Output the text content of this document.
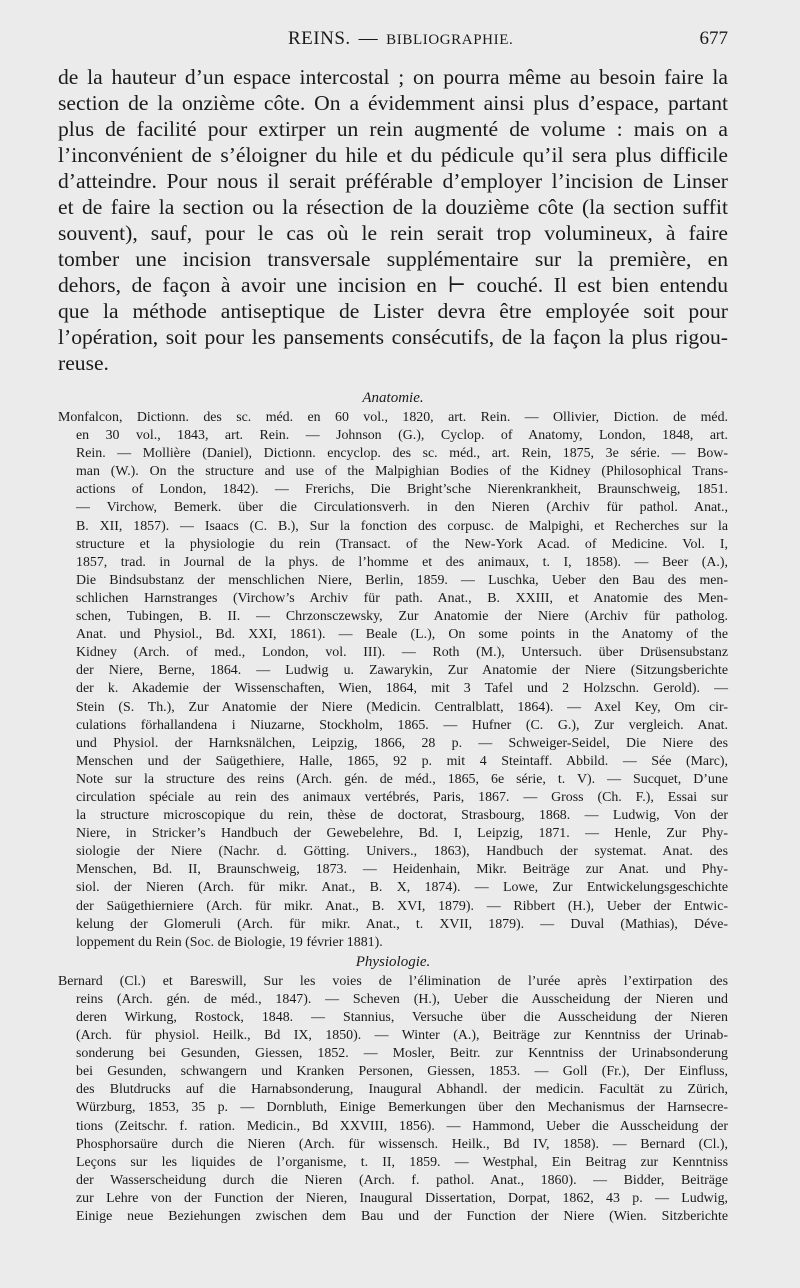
REINS. — BIBLIOGRAPHIE.	677
de la hauteur d’un espace intercostal ; on pourra même au besoin faire la
section de la onzième côte. On a évidemment ainsi plus d’espace, partant
plus de facilité pour extirper un rein augmenté de volume : mais on a
l’inconvénient de s’éloigner du hile et du pédicule qu’il sera plus difficile
d’atteindre. Pour nous il serait préférable d’employer l’incision de Linser
et de faire la section ou la résection de la douzième côte (la section suffit
souvent), sauf, pour le cas où le rein serait trop volumineux, à faire
tomber une incision transversale supplémentaire sur la première, en
dehors, de façon à avoir une incision en ⊢ couché. Il est bien entendu
que la méthode antiseptique de Lister devra être employée soit pour
l’opération, soit pour les pansements consécutifs, de la façon la plus rigou-
reuse.
Anatomie.
Monfalcon, Dictionn. des sc. méd. en 60 vol., 1820, art. Rein. — Ollivier, Diction. de méd.
en 30 vol., 1843, art. Rein. — Johnson (G.), Cyclop. of Anatomy, London, 1848, art.
Rein. — Mollière (Daniel), Dictionn. encyclop. des sc. méd., art. Rein, 1875, 3e série. — Bow-
man (W.). On the structure and use of the Malpighian Bodies of the Kidney (Philosophical Trans-
actions of London, 1842). — Frerichs, Die Bright’sche Nierenkrankheit, Braunschweig, 1851.
— Virchow, Bemerk. über die Circulationsverh. in den Nieren (Archiv für pathol. Anat.,
B. XII, 1857). — Isaacs (C. B.), Sur la fonction des corpusc. de Malpighi, et Recherches sur la
structure et la physiologie du rein (Transact. of the New-York Acad. of Medicine. Vol. I,
1857, trad. in Journal de la phys. de l’homme et des animaux, t. I, 1858). — Beer (A.),
Die Bindsubstanz der menschlichen Niere, Berlin, 1859. — Luschka, Ueber den Bau des men-
schlichen Harnstranges (Virchow’s Archiv für path. Anat., B. XXIII, et Anatomie des Men-
schen, Tubingen, B. II. — Chrzonsczewsky, Zur Anatomie der Niere (Archiv für patholog.
Anat. und Physiol., Bd. XXI, 1861). — Beale (L.), On some points in the Anatomy of the
Kidney (Arch. of med., London, vol. III). — Roth (M.), Untersuch. über Drüsensubstanz
der Niere, Berne, 1864. — Ludwig u. Zawarykin, Zur Anatomie der Niere (Sitzungsberichte
der k. Akademie der Wissenschaften, Wien, 1864, mit 3 Tafel und 2 Holzschn. Gerold). —
Stein (S. Th.), Zur Anatomie der Niere (Medicin. Centralblatt, 1864). — Axel Key, Om cir-
culations förhallandena i Niuzarne, Stockholm, 1865. — Hufner (C. G.), Zur vergleich. Anat.
und Physiol. der Harnksnälchen, Leipzig, 1866, 28 p. — Schweiger-Seidel, Die Niere des
Menschen und der Saügethiere, Halle, 1865, 92 p. mit 4 Steintaff. Abbild. — Sée (Marc),
Note sur la structure des reins (Arch. gén. de méd., 1865, 6e série, t. V). — Sucquet, D’une
circulation spéciale au rein des animaux vertébrés, Paris, 1867. — Gross (Ch. F.), Essai sur
la structure microscopique du rein, thèse de doctorat, Strasbourg, 1868. — Ludwig, Von der
Niere, in Stricker’s Handbuch der Gewebelehre, Bd. I, Leipzig, 1871. — Henle, Zur Phy-
siologie der Niere (Nachr. d. Götting. Univers., 1863), Handbuch der systemat. Anat. des
Menschen, Bd. II, Braunschweig, 1873. — Heidenhain, Mikr. Beiträge zur Anat. und Phy-
siol. der Nieren (Arch. für mikr. Anat., B. X, 1874). — Lowe, Zur Entwickelungsgeschichte
der Saügethierniere (Arch. für mikr. Anat., B. XVI, 1879). — Ribbert (H.), Ueber der Entwic-
kelung der Glomeruli (Arch. für mikr. Anat., t. XVII, 1879). — Duval (Mathias), Déve-
loppement du Rein (Soc. de Biologie, 19 février 1881).
Physiologie.
Bernard (Cl.) et Bareswill, Sur les voies de l’élimination de l’urée après l’extirpation des
reins (Arch. gén. de méd., 1847). — Scheven (H.), Ueber die Ausscheidung der Nieren und
deren Wirkung, Rostock, 1848. — Stannius, Versuche über die Ausscheidung der Nieren
(Arch. für physiol. Heilk., Bd IX, 1850). — Winter (A.), Beiträge zur Kenntniss der Urinab-
sonderung bei Gesunden, Giessen, 1852. — Mosler, Beitr. zur Kenntniss der Urinabsonderung
bei Gesunden, schwangern und Kranken Personen, Giessen, 1853. — Goll (Fr.), Der Einfluss,
des Blutdrucks auf die Harnabsonderung, Inaugural Abhandl. der medicin. Facultät zu Zürich,
Würzburg, 1853, 35 p. — Dornbluth, Einige Bemerkungen über den Mechanismus der Harnsecre-
tions (Zeitschr. f. ration. Medicin., Bd XXVIII, 1856). — Hammond, Ueber die Ausscheidung der
Phosphorsaüre durch die Nieren (Arch. für wissensch. Heilk., Bd IV, 1858). — Bernard (Cl.),
Leçons sur les liquides de l’organisme, t. II, 1859. — Westphal, Ein Beitrag zur Kenntniss
der Wasserscheidung durch die Nieren (Arch. f. pathol. Anat., 1860). — Bidder, Beiträge
zur Lehre von der Function der Nieren, Inaugural Dissertation, Dorpat, 1862, 43 p. — Ludwig,
Einige neue Beziehungen zwischen dem Bau und der Function der Niere (Wien. Sitzberichte
